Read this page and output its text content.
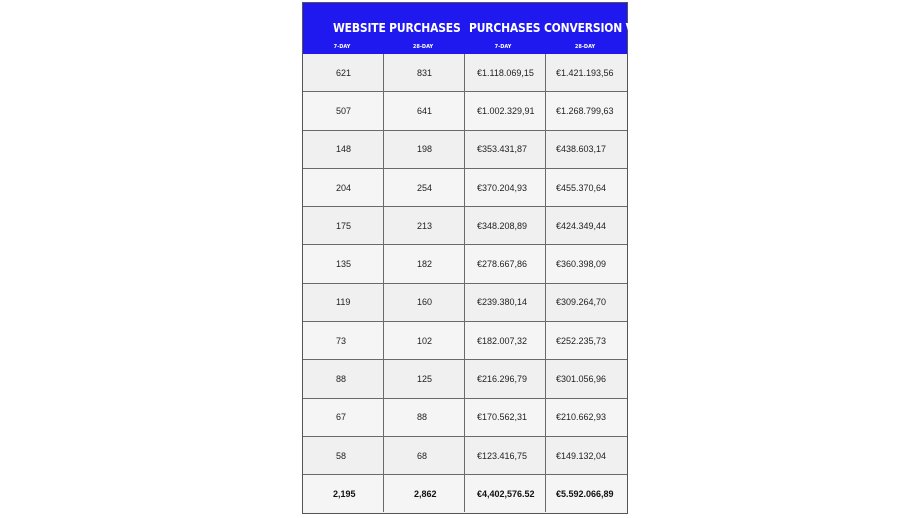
WEBSITE PURCHASES PURCHASES CONVERSION VALUE
7-DAY	28-DAY	7-DAY	28-DAY
621	831	€1.118.069,15	€1.421.193,56
507	641	€1.002.329,91	€1.268.799,63
148	198	€353.431,87	€438.603,17
204	254	€370.204,93	€455.370,64
175	213	€348.208,89	€424.349,44
135	182	€278.667,86	€360.398,09
119	160	€239.380,14	€309.264,70
73	102	€182.007,32	€252.235,73
88	125	€216.296,79	€301.056,96
67	88	€170.562,31	€210.662,93
58	68	€123.416,75	€149.132,04
2,195	2,862	€4,402,576.52	€5.592.066,89
